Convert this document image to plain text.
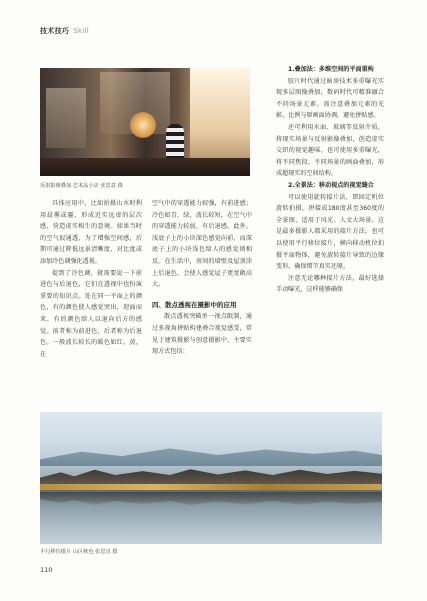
技术技巧 Skill
反射影像叠加 艺术品小店 张思意 摄

具体应用中，比如拍摄山水时利用晨雾或霾，形成近实远虚的层次感，营造虚实相生的意境。如果当时的空气很通透，为了增强空间感，后期可通过降低远景清晰度、对比度或添加冷色调强化透视。

提到了冷色调，就需要说一下前进色与后退色，它们在透视中也扮演重要的知识点。处在同一平面上的颜色，有的颜色使人感觉突出，迎面而来，有的颜色给人以退向后方的感觉。前者称为前进色，后者称为后退色。一般波长较长的暖色如红、黄，在

空气中的穿透能力较强，有前进感；冷色如青、绿，波长较短，在空气中的穿透能力较弱，有后退感。此外，浅底子上的小块深色感觉向前，而深底子上的小块浅色给人的感觉则相反。在生活中，房间的墙壁及屋顶涂上后退色，会使人感觉屋子更宽敞高大。

四、散点透视在摄影中的应用

散点透视突破单一视点限制，通过多视角拼贴构建叠合视觉感受，常见于建筑摄影与创意摄影中，主要实现方式包括：

1.叠加法：多维空间的平面重构

胶片时代通过暗房技术多重曝光实现多层图像叠加，数码时代可精准融合不同场景元素。需注意叠加元素的光影、比例与原画面协调，避免拼贴感。

还可利用水面、玻璃等反射介质，将现实场景与反射影像叠加，创造虚实交织的视觉趣味。也可使用多重曝光，将不同焦段、不同场景的画面叠加，形成超现实的空间结构。

2.全景法：移动视点的视觉缝合

可以使用旋转接片法，即固定机位旋转拍摄，拼接成180度甚至360度的全景图，适用于风光、人文大场景。这是最多摄影人都采用的接片方法。也可以使用平行移位接片，横向移动机位拍摄平面物体，避免旋转接片导致的边缘变形，确保细节真实还原。

注意无论哪种接片方法，最好选择手动曝光，这样能够确保

平行移位摄片 山区秋色 张思宜 摄
110
